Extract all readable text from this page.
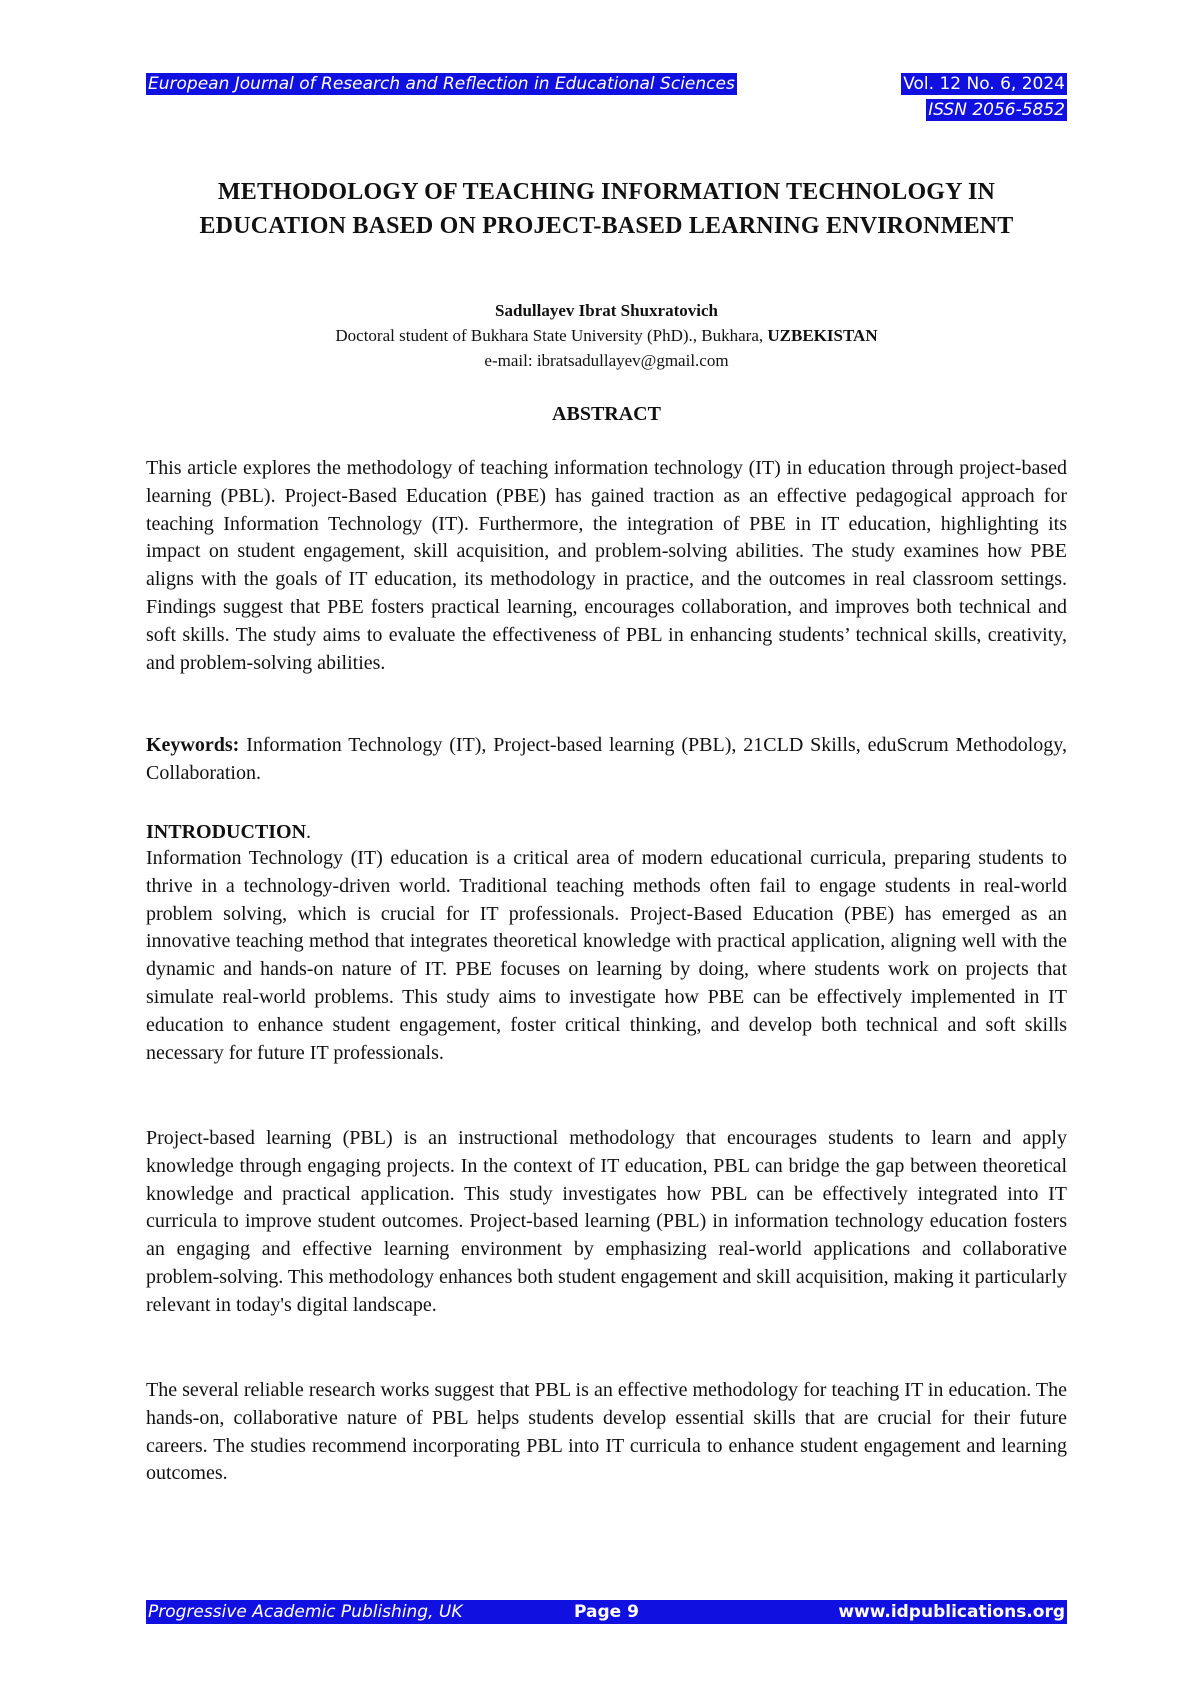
European Journal of Research and Reflection in Educational Sciences	Vol. 12 No. 6, 2024
ISSN 2056-5852
METHODOLOGY OF TEACHING INFORMATION TECHNOLOGY IN EDUCATION BASED ON PROJECT-BASED LEARNING ENVIRONMENT
Sadullayev Ibrat Shuxratovich
Doctoral student of Bukhara State University (PhD)., Bukhara, UZBEKISTAN
e-mail: ibratsadullayev@gmail.com
ABSTRACT

This article explores the methodology of teaching information technology (IT) in education through project-based learning (PBL). Project-Based Education (PBE) has gained traction as an effective pedagogical approach for teaching Information Technology (IT). Furthermore, the integration of PBE in IT education, highlighting its impact on student engagement, skill acquisition, and problem-solving abilities. The study examines how PBE aligns with the goals of IT education, its methodology in practice, and the outcomes in real classroom settings. Findings suggest that PBE fosters practical learning, encourages collaboration, and improves both technical and soft skills. The study aims to evaluate the effectiveness of PBL in enhancing students’ technical skills, creativity, and problem-solving abilities.

Keywords: Information Technology (IT), Project-based learning (PBL), 21CLD Skills, eduScrum Methodology, Collaboration.

INTRODUCTION.

Information Technology (IT) education is a critical area of modern educational curricula, preparing students to thrive in a technology-driven world. Traditional teaching methods often fail to engage students in real-world problem solving, which is crucial for IT professionals. Project-Based Education (PBE) has emerged as an innovative teaching method that integrates theoretical knowledge with practical application, aligning well with the dynamic and hands-on nature of IT. PBE focuses on learning by doing, where students work on projects that simulate real-world problems. This study aims to investigate how PBE can be effectively implemented in IT education to enhance student engagement, foster critical thinking, and develop both technical and soft skills necessary for future IT professionals.

Project-based learning (PBL) is an instructional methodology that encourages students to learn and apply knowledge through engaging projects. In the context of IT education, PBL can bridge the gap between theoretical knowledge and practical application. This study investigates how PBL can be effectively integrated into IT curricula to improve student outcomes. Project-based learning (PBL) in information technology education fosters an engaging and effective learning environment by emphasizing real-world applications and collaborative problem-solving. This methodology enhances both student engagement and skill acquisition, making it particularly relevant in today's digital landscape.

The several reliable research works suggest that PBL is an effective methodology for teaching IT in education. The hands-on, collaborative nature of PBL helps students develop essential skills that are crucial for their future careers. The studies recommend incorporating PBL into IT curricula to enhance student engagement and learning outcomes.

Progressive Academic Publishing, UK	Page 9	www.idpublications.org
